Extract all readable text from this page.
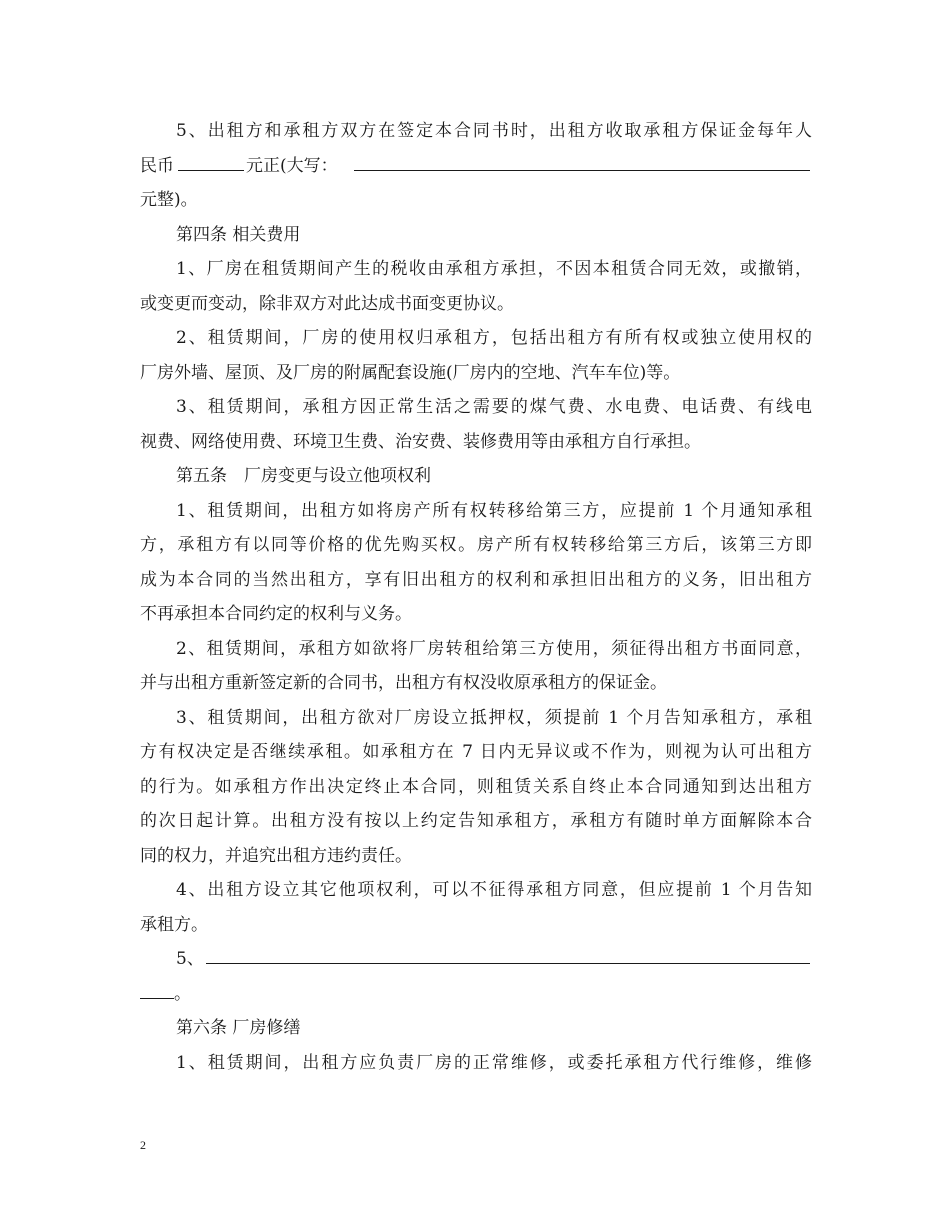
5、出租方和承租方双方在签定本合同书时，出租方收取承租方保证金每年人
民币	元正(大写：
元整)。
第四条 相关费用
1、厂房在租赁期间产生的税收由承租方承担，不因本租赁合同无效，或撤销，
或变更而变动，除非双方对此达成书面变更协议。
2、租赁期间，厂房的使用权归承租方，包括出租方有所有权或独立使用权的
厂房外墙、屋顶、及厂房的附属配套设施(厂房内的空地、汽车车位)等。
3、租赁期间，承租方因正常生活之需要的煤气费、水电费、电话费、有线电
视费、网络使用费、环境卫生费、治安费、装修费用等由承租方自行承担。
第五条　厂房变更与设立他项权利
1、租赁期间，出租方如将房产所有权转移给第三方，应提前 1 个月通知承租
方，承租方有以同等价格的优先购买权。房产所有权转移给第三方后，该第三方即
成为本合同的当然出租方，享有旧出租方的权利和承担旧出租方的义务，旧出租方
不再承担本合同约定的权利与义务。
2、租赁期间，承租方如欲将厂房转租给第三方使用，须征得出租方书面同意，
并与出租方重新签定新的合同书，出租方有权没收原承租方的保证金。
3、租赁期间，出租方欲对厂房设立抵押权，须提前 1 个月告知承租方，承租
方有权决定是否继续承租。如承租方在 7 日内无异议或不作为，则视为认可出租方
的行为。如承租方作出决定终止本合同，则租赁关系自终止本合同通知到达出租方
的次日起计算。出租方没有按以上约定告知承租方，承租方有随时单方面解除本合
同的权力，并追究出租方违约责任。
4、出租方设立其它他项权利，可以不征得承租方同意，但应提前 1 个月告知
承租方。
5、
。
第六条 厂房修缮
1、租赁期间，出租方应负责厂房的正常维修，或委托承租方代行维修，维修
2
